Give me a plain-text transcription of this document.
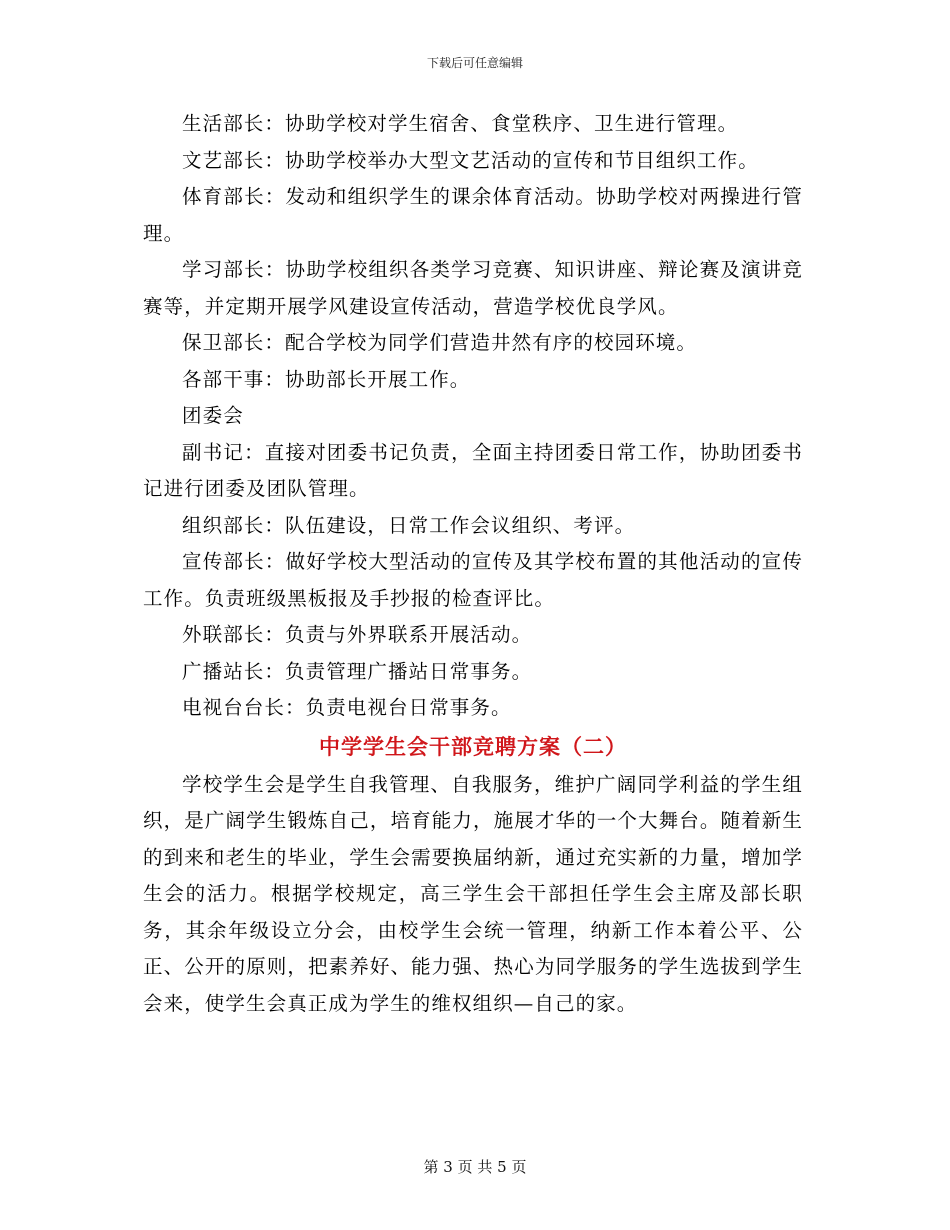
下载后可任意编辑

生活部长：协助学校对学生宿舍、食堂秩序、卫生进行管理。

文艺部长：协助学校举办大型文艺活动的宣传和节目组织工作。

体育部长：发动和组织学生的课余体育活动。协助学校对两操进行管理。

学习部长：协助学校组织各类学习竞赛、知识讲座、辩论赛及演讲竞赛等，并定期开展学风建设宣传活动，营造学校优良学风。

保卫部长：配合学校为同学们营造井然有序的校园环境。

各部干事：协助部长开展工作。

团委会

副书记：直接对团委书记负责，全面主持团委日常工作，协助团委书记进行团委及团队管理。

组织部长：队伍建设，日常工作会议组织、考评。

宣传部长：做好学校大型活动的宣传及其学校布置的其他活动的宣传工作。负责班级黑板报及手抄报的检查评比。

外联部长：负责与外界联系开展活动。

广播站长：负责管理广播站日常事务。

电视台台长：负责电视台日常事务。

中学学生会干部竞聘方案（二）

学校学生会是学生自我管理、自我服务，维护广阔同学利益的学生组织，是广阔学生锻炼自己，培育能力，施展才华的一个大舞台。随着新生的到来和老生的毕业，学生会需要换届纳新，通过充实新的力量，增加学生会的活力。根据学校规定，高三学生会干部担任学生会主席及部长职务，其余年级设立分会，由校学生会统一管理，纳新工作本着公平、公正、公开的原则，把素养好、能力强、热心为同学服务的学生选拔到学生会来，使学生会真正成为学生的维权组织—自己的家。

第 3 页 共 5 页
